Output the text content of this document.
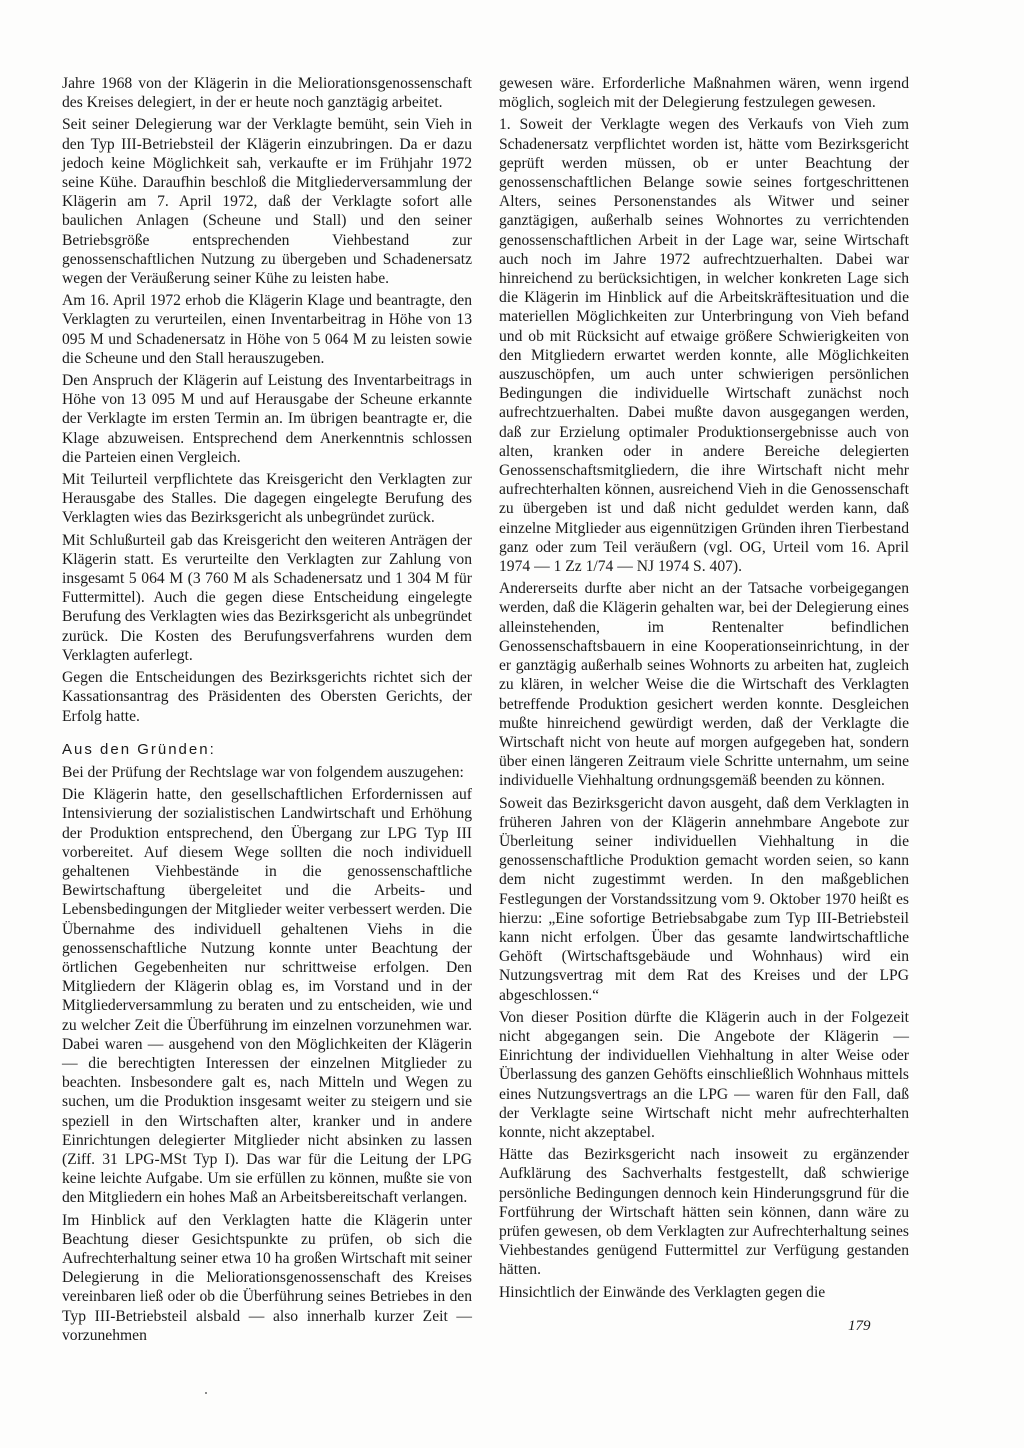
Jahre 1968 von der Klägerin in die Meliorationsgenossenschaft des Kreises delegiert, in der er heute noch ganztägig arbeitet.

Seit seiner Delegierung war der Verklagte bemüht, sein Vieh in den Typ III-Betriebsteil der Klägerin einzubringen. Da er dazu jedoch keine Möglichkeit sah, verkaufte er im Frühjahr 1972 seine Kühe. Daraufhin beschloß die Mitgliederversammlung der Klägerin am 7. April 1972, daß der Verklagte sofort alle baulichen Anlagen (Scheune und Stall) und den seiner Betriebsgröße entsprechenden Viehbestand zur genossenschaftlichen Nutzung zu übergeben und Schadenersatz wegen der Veräußerung seiner Kühe zu leisten habe.

Am 16. April 1972 erhob die Klägerin Klage und beantragte, den Verklagten zu verurteilen, einen Inventarbeitrag in Höhe von 13 095 M und Schadenersatz in Höhe von 5 064 M zu leisten sowie die Scheune und den Stall herauszugeben.

Den Anspruch der Klägerin auf Leistung des Inventarbeitrags in Höhe von 13 095 M und auf Herausgabe der Scheune erkannte der Verklagte im ersten Termin an. Im übrigen beantragte er, die Klage abzuweisen. Entsprechend dem Anerkenntnis schlossen die Parteien einen Vergleich.

Mit Teilurteil verpflichtete das Kreisgericht den Verklagten zur Herausgabe des Stalles. Die dagegen eingelegte Berufung des Verklagten wies das Bezirksgericht als unbegründet zurück.

Mit Schlußurteil gab das Kreisgericht den weiteren Anträgen der Klägerin statt. Es verurteilte den Verklagten zur Zahlung von insgesamt 5 064 M (3 760 M als Schadenersatz und 1 304 M für Futtermittel). Auch die gegen diese Entscheidung eingelegte Berufung des Verklagten wies das Bezirksgericht als unbegründet zurück. Die Kosten des Berufungsverfahrens wurden dem Verklagten auferlegt.

Gegen die Entscheidungen des Bezirksgerichts richtet sich der Kassationsantrag des Präsidenten des Obersten Gerichts, der Erfolg hatte.

Aus den Gründen:

Bei der Prüfung der Rechtslage war von folgendem auszugehen:

Die Klägerin hatte, den gesellschaftlichen Erfordernissen auf Intensivierung der sozialistischen Landwirtschaft und Erhöhung der Produktion entsprechend, den Übergang zur LPG Typ III vorbereitet. Auf diesem Wege sollten die noch individuell gehaltenen Viehbestände in die genossenschaftliche Bewirtschaftung übergeleitet und die Arbeits- und Lebensbedingungen der Mitglieder weiter verbessert werden. Die Übernahme des individuell gehaltenen Viehs in die genossenschaftliche Nutzung konnte unter Beachtung der örtlichen Gegebenheiten nur schrittweise erfolgen. Den Mitgliedern der Klägerin oblag es, im Vorstand und in der Mitgliederversammlung zu beraten und zu entscheiden, wie und zu welcher Zeit die Überführung im einzelnen vorzunehmen war. Dabei waren — ausgehend von den Möglichkeiten der Klägerin — die berechtigten Interessen der einzelnen Mitglieder zu beachten. Insbesondere galt es, nach Mitteln und Wegen zu suchen, um die Produktion insgesamt weiter zu steigern und sie speziell in den Wirtschaften alter, kranker und in andere Einrichtungen delegierter Mitglieder nicht absinken zu lassen (Ziff. 31 LPG-MSt Typ I). Das war für die Leitung der LPG keine leichte Aufgabe. Um sie erfüllen zu können, mußte sie von den Mitgliedern ein hohes Maß an Arbeitsbereitschaft verlangen.

Im Hinblick auf den Verklagten hatte die Klägerin unter Beachtung dieser Gesichtspunkte zu prüfen, ob sich die Aufrechterhaltung seiner etwa 10 ha großen Wirtschaft mit seiner Delegierung in die Meliorationsgenossenschaft des Kreises vereinbaren ließ oder ob die Überführung seines Betriebes in den Typ III-Betriebsteil alsbald — also innerhalb kurzer Zeit — vorzunehmen

gewesen wäre. Erforderliche Maßnahmen wären, wenn irgend möglich, sogleich mit der Delegierung festzulegen gewesen.

1. Soweit der Verklagte wegen des Verkaufs von Vieh zum Schadenersatz verpflichtet worden ist, hätte vom Bezirksgericht geprüft werden müssen, ob er unter Beachtung der genossenschaftlichen Belange sowie seines fortgeschrittenen Alters, seines Personenstandes als Witwer und seiner ganztägigen, außerhalb seines Wohnortes zu verrichtenden genossenschaftlichen Arbeit in der Lage war, seine Wirtschaft auch noch im Jahre 1972 aufrechtzuerhalten. Dabei war hinreichend zu berücksichtigen, in welcher konkreten Lage sich die Klägerin im Hinblick auf die Arbeitskräftesituation und die materiellen Möglichkeiten zur Unterbringung von Vieh befand und ob mit Rücksicht auf etwaige größere Schwierigkeiten von den Mitgliedern erwartet werden konnte, alle Möglichkeiten auszuschöpfen, um auch unter schwierigen persönlichen Bedingungen die individuelle Wirtschaft zunächst noch aufrechtzuerhalten. Dabei mußte davon ausgegangen werden, daß zur Erzielung optimaler Produktionsergebnisse auch von alten, kranken oder in andere Bereiche delegierten Genossenschaftsmitgliedern, die ihre Wirtschaft nicht mehr aufrechterhalten können, ausreichend Vieh in die Genossenschaft zu übergeben ist und daß nicht geduldet werden kann, daß einzelne Mitglieder aus eigennützigen Gründen ihren Tierbestand ganz oder zum Teil veräußern (vgl. OG, Urteil vom 16. April 1974 — 1 Zz 1/74 — NJ 1974 S. 407).

Andererseits durfte aber nicht an der Tatsache vorbeigegangen werden, daß die Klägerin gehalten war, bei der Delegierung eines alleinstehenden, im Rentenalter befindlichen Genossenschaftsbauern in eine Kooperationseinrichtung, in der er ganztägig außerhalb seines Wohnorts zu arbeiten hat, zugleich zu klären, in welcher Weise die die Wirtschaft des Verklagten betreffende Produktion gesichert werden konnte. Desgleichen mußte hinreichend gewürdigt werden, daß der Verklagte die Wirtschaft nicht von heute auf morgen aufgegeben hat, sondern über einen längeren Zeitraum viele Schritte unternahm, um seine individuelle Viehhaltung ordnungsgemäß beenden zu können.

Soweit das Bezirksgericht davon ausgeht, daß dem Verklagten in früheren Jahren von der Klägerin annehmbare Angebote zur Überleitung seiner individuellen Viehhaltung in die genossenschaftliche Produktion gemacht worden seien, so kann dem nicht zugestimmt werden. In den maßgeblichen Festlegungen der Vorstandssitzung vom 9. Oktober 1970 heißt es hierzu: „Eine sofortige Betriebsabgabe zum Typ III-Betriebsteil kann nicht erfolgen. Über das gesamte landwirtschaftliche Gehöft (Wirtschaftsgebäude und Wohnhaus) wird ein Nutzungsvertrag mit dem Rat des Kreises und der LPG abgeschlossen.“

Von dieser Position dürfte die Klägerin auch in der Folgezeit nicht abgegangen sein. Die Angebote der Klägerin — Einrichtung der individuellen Viehhaltung in alter Weise oder Überlassung des ganzen Gehöfts einschließlich Wohnhaus mittels eines Nutzungsvertrags an die LPG — waren für den Fall, daß der Verklagte seine Wirtschaft nicht mehr aufrechterhalten konnte, nicht akzeptabel.

Hätte das Bezirksgericht nach insoweit zu ergänzender Aufklärung des Sachverhalts festgestellt, daß schwierige persönliche Bedingungen dennoch kein Hinderungsgrund für die Fortführung der Wirtschaft hätten sein können, dann wäre zu prüfen gewesen, ob dem Verklagten zur Aufrechterhaltung seines Viehbestandes genügend Futtermittel zur Verfügung gestanden hätten.

Hinsichtlich der Einwände des Verklagten gegen die

179
